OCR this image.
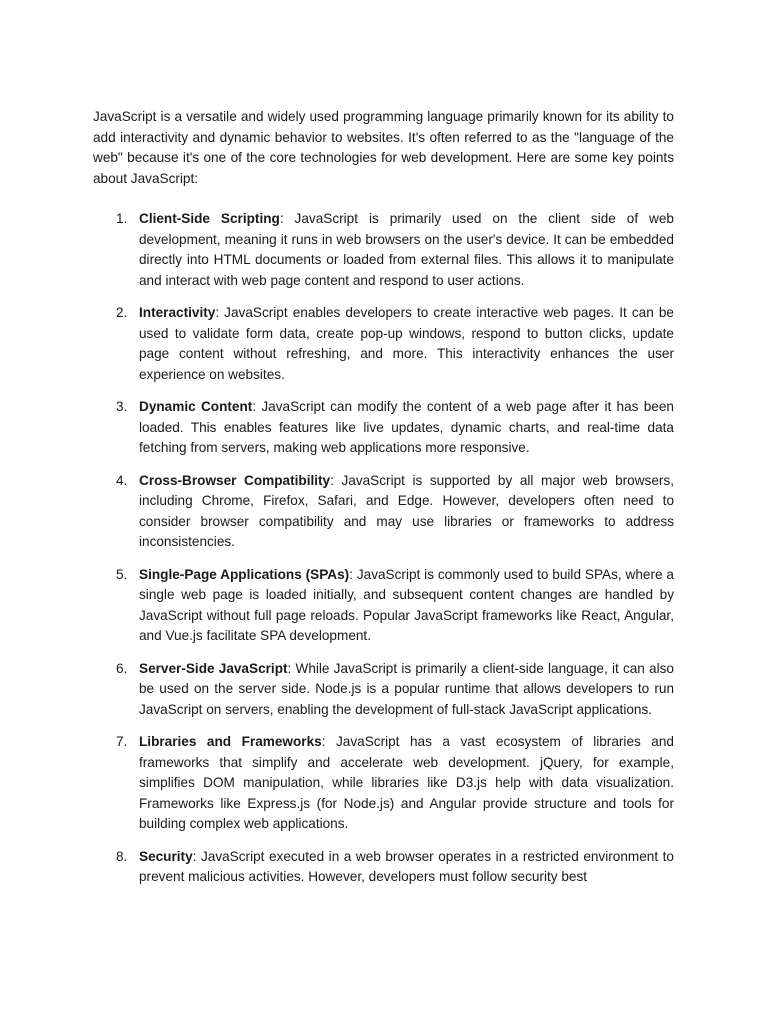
JavaScript is a versatile and widely used programming language primarily known for its ability to add interactivity and dynamic behavior to websites. It's often referred to as the "language of the web" because it's one of the core technologies for web development. Here are some key points about JavaScript:

1. Client-Side Scripting: JavaScript is primarily used on the client side of web development, meaning it runs in web browsers on the user's device. It can be embedded directly into HTML documents or loaded from external files. This allows it to manipulate and interact with web page content and respond to user actions.
2. Interactivity: JavaScript enables developers to create interactive web pages. It can be used to validate form data, create pop-up windows, respond to button clicks, update page content without refreshing, and more. This interactivity enhances the user experience on websites.
3. Dynamic Content: JavaScript can modify the content of a web page after it has been loaded. This enables features like live updates, dynamic charts, and real-time data fetching from servers, making web applications more responsive.
4. Cross-Browser Compatibility: JavaScript is supported by all major web browsers, including Chrome, Firefox, Safari, and Edge. However, developers often need to consider browser compatibility and may use libraries or frameworks to address inconsistencies.
5. Single-Page Applications (SPAs): JavaScript is commonly used to build SPAs, where a single web page is loaded initially, and subsequent content changes are handled by JavaScript without full page reloads. Popular JavaScript frameworks like React, Angular, and Vue.js facilitate SPA development.
6. Server-Side JavaScript: While JavaScript is primarily a client-side language, it can also be used on the server side. Node.js is a popular runtime that allows developers to run JavaScript on servers, enabling the development of full-stack JavaScript applications.
7. Libraries and Frameworks: JavaScript has a vast ecosystem of libraries and frameworks that simplify and accelerate web development. jQuery, for example, simplifies DOM manipulation, while libraries like D3.js help with data visualization. Frameworks like Express.js (for Node.js) and Angular provide structure and tools for building complex web applications.
8. Security: JavaScript executed in a web browser operates in a restricted environment to prevent malicious activities. However, developers must follow security best
